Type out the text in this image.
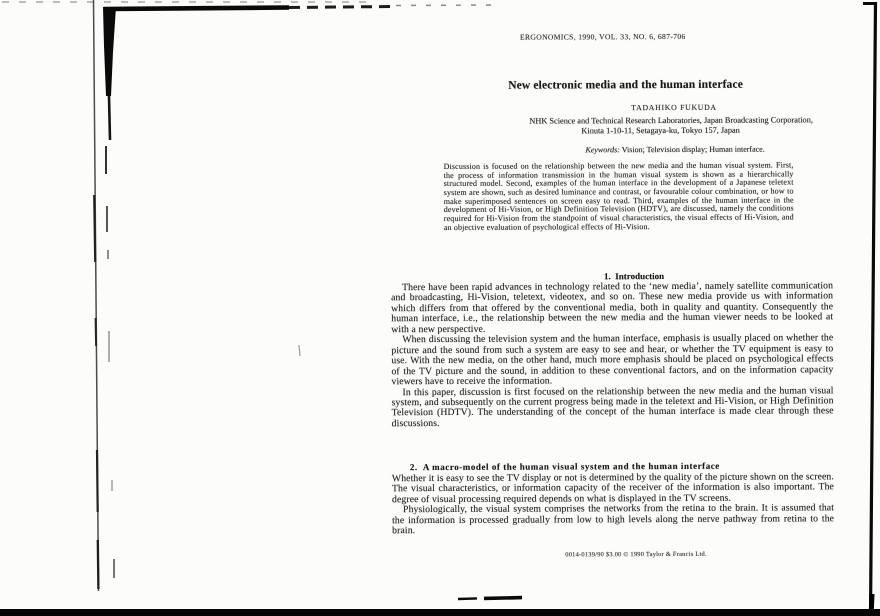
ERGONOMICS, 1990, VOL. 33, NO. 6, 687-706
New electronic media and the human interface
TADAHIKO FUKUDA
NHK Science and Technical Research Laboratories, Japan Broadcasting Corporation,
Kinuta 1-10-11, Setagaya-ku, Tokyo 157, Japan
Keywords: Vision; Television display; Human interface.
Discussion is focused on the relationship between the new media and the human visual system. First, the process of information transmission in the human visual system is shown as a hierarchically structured model. Second, examples of the human interface in the development of a Japanese teletext system are shown, such as desired luminance and contrast, or favourable colour combination, or how to make superimposed sentences on screen easy to read. Third, examples of the human interface in the development of Hi-Vision, or High Definition Television (HDTV), are discussed, namely the conditions required for Hi-Vision from the standpoint of visual characteristics, the visual effects of Hi-Vision, and an objective evaluation of psychological effects of Hi-Vision.
1.  Introduction

There have been rapid advances in technology related to the ‘new media’, namely satellite communication and broadcasting, Hi-Vision, teletext, videotex, and so on. These new media provide us with information which differs from that offered by the conventional media, both in quality and quantity. Consequently the human interface, i.e., the relationship between the new media and the human viewer needs to be looked at with a new perspective.

When discussing the television system and the human interface, emphasis is usually placed on whether the picture and the sound from such a system are easy to see and hear, or whether the TV equipment is easy to use. With the new media, on the other hand, much more emphasis should be placed on psychological effects of the TV picture and the sound, in addition to these conventional factors, and on the information capacity viewers have to receive the information.

In this paper, discussion is first focused on the relationship between the new media and the human visual system, and subsequently on the current progress being made in the teletext and Hi-Vision, or High Definition Television (HDTV). The understanding of the concept of the human interface is made clear through these discussions.

2.  A macro-model of the human visual system and the human interface

Whether it is easy to see the TV display or not is determined by the quality of the picture shown on the screen. The visual characteristics, or information capacity of the receiver of the information is also important. The degree of visual processing required depends on what is displayed in the TV screens.

Physiologically, the visual system comprises the networks from the retina to the brain. It is assumed that the information is processed gradually from low to high levels along the nerve pathway from retina to the brain.

0014-0139/90 $3.00 © 1990 Taylor & Francis Ltd.
